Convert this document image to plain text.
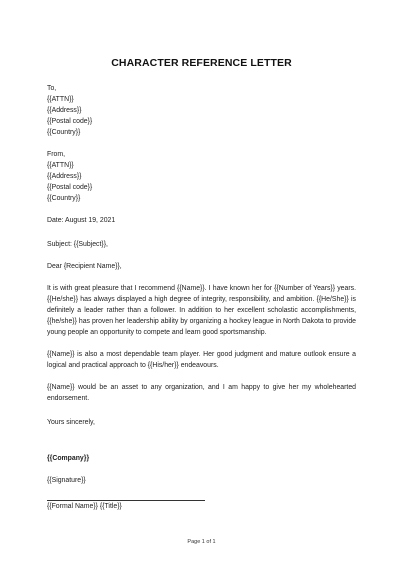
CHARACTER REFERENCE LETTER
To,
{{ATTN}}
{{Address}}
{{Postal code}}
{{Country}}
From,
{{ATTN}}
{{Address}}
{{Postal code}}
{{Country}}
Date: August 19, 2021
Subject: {{Subject}},
Dear {Recipient Name}},

It is with great pleasure that I recommend {{Name}}. I have known her for {{Number of Years}} years. {{He/she}} has always displayed a high degree of integrity, responsibility, and ambition. {{He/She}} is definitely a leader rather than a follower. In addition to her excellent scholastic accomplishments, {{he/she}} has proven her leadership ability by organizing a hockey league in North Dakota to provide young people an opportunity to compete and learn good sportsmanship.

{{Name}} is also a most dependable team player. Her good judgment and mature outlook ensure a logical and practical approach to {{His/her}} endeavours.

{{Name}} would be an asset to any organization, and I am happy to give her my wholehearted endorsement.

Yours sincerely,
{{Company}}
{{Signature}}
{{Formal Name}} {{Title}}
Page 1 of 1
